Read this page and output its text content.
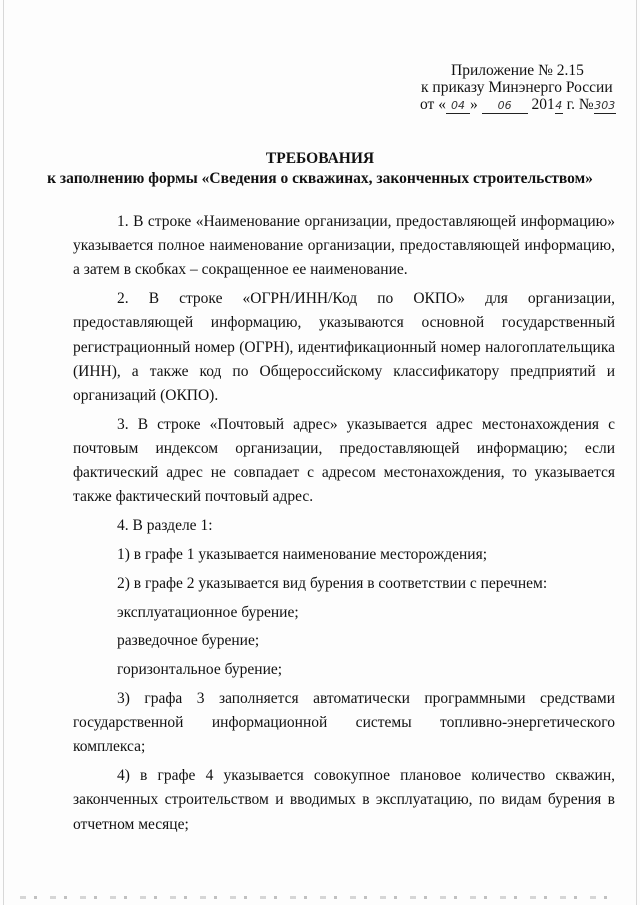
Приложение № 2.15
к приказу Минэнерго России
от « 04 » 06 2014 г. №303
ТРЕБОВАНИЯ
к заполнению формы «Сведения о скважинах, законченных строительством»

1. В строке «Наименование организации, предоставляющей информацию» указывается полное наименование организации, предоставляющей информацию, а затем в скобках – сокращенное ее наименование.

2. В строке «ОГРН/ИНН/Код по ОКПО» для организации, предоставляющей информацию, указываются основной государственный регистрационный номер (ОГРН), идентификационный номер налогоплательщика (ИНН), а также код по Общероссийскому классификатору предприятий и организаций (ОКПО).

3. В строке «Почтовый адрес» указывается адрес местонахождения с почтовым индексом организации, предоставляющей информацию; если фактический адрес не совпадает с адресом местонахождения, то указывается также фактический почтовый адрес.

4. В разделе 1:

1) в графе 1 указывается наименование месторождения;

2) в графе 2 указывается вид бурения в соответствии с перечнем:

эксплуатационное бурение;

разведочное бурение;

горизонтальное бурение;

3) графа 3 заполняется автоматически программными средствами государственной информационной системы топливно-энергетического комплекса;

4) в графе 4 указывается совокупное плановое количество скважин, законченных строительством и вводимых в эксплуатацию, по видам бурения в отчетном месяце;
